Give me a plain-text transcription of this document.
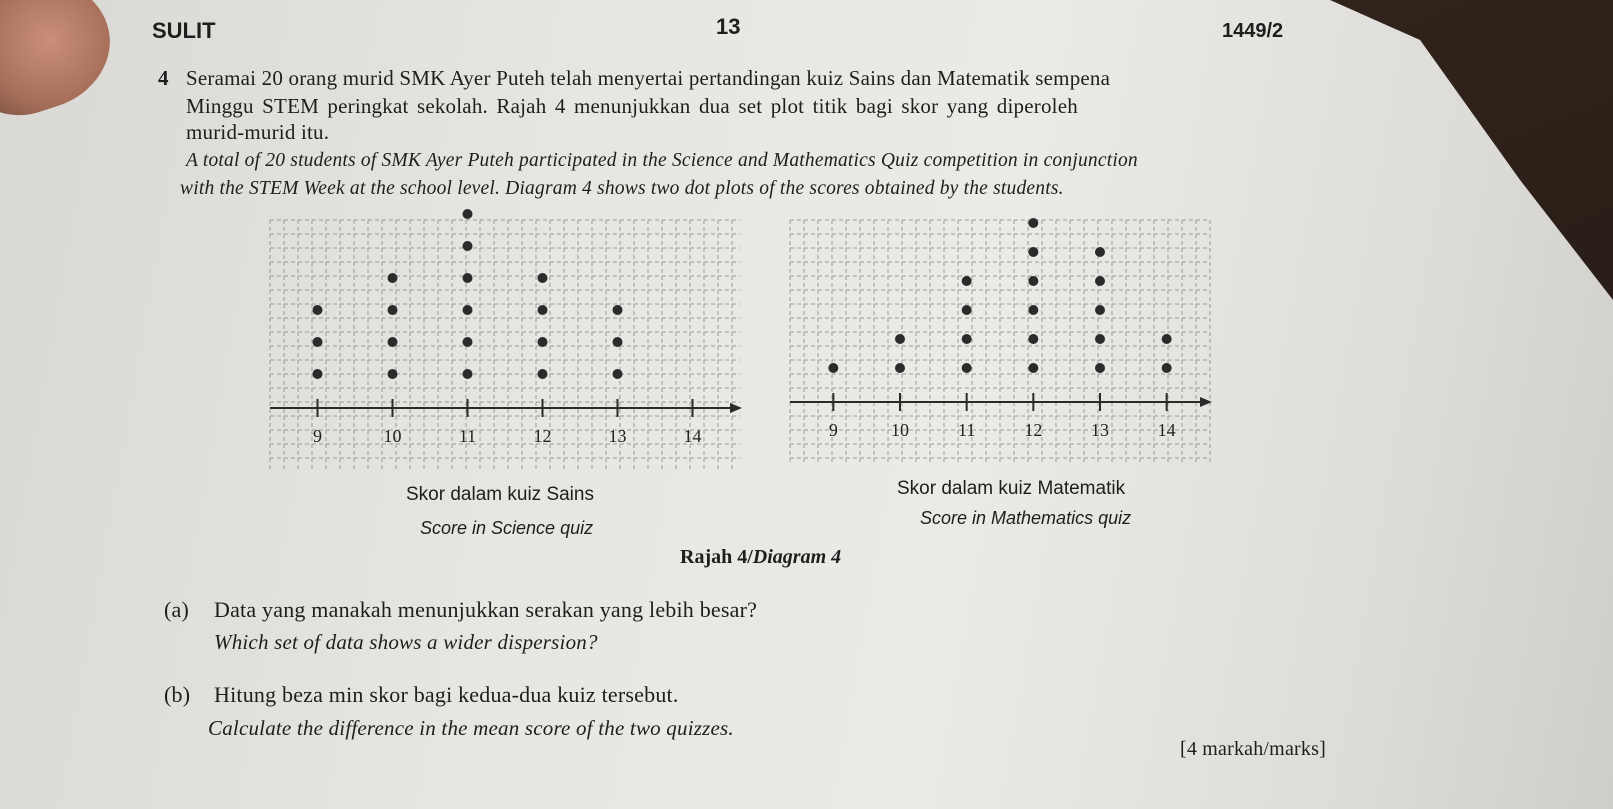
SULIT	13	1449/2
4 Seramai 20 orang murid SMK Ayer Puteh telah menyertai pertandingan kuiz Sains dan Matematik sempena
Minggu STEM peringkat sekolah. Rajah 4 menunjukkan dua set plot titik bagi skor yang diperoleh
murid-murid itu.
A total of 20 students of SMK Ayer Puteh participated in the Science and Mathematics Quiz competition in conjunction
with the STEM Week at the school level. Diagram 4 shows two dot plots of the scores obtained by the students.
9	10	11	12	13	14
Skor dalam kuiz Sains
Score in Science quiz
9	10	11	12	13	14
Skor dalam kuiz Matematik
Score in Mathematics quiz
Rajah 4/Diagram 4
(a) Data yang manakah menunjukkan serakan yang lebih besar?
Which set of data shows a wider dispersion?
(b) Hitung beza min skor bagi kedua-dua kuiz tersebut.
Calculate the difference in the mean score of the two quizzes.
[4 markah/marks]
